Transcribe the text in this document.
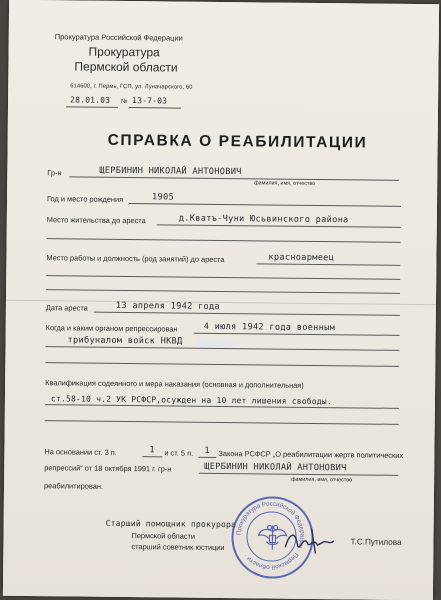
Прокуратура Российской Федерации
Прокуратура
Пермской области
614600, г. Пермь, ГСП, ул. Луначарского, 60
28.01.03 № 13-7-03
СПРАВКА О РЕАБИЛИТАЦИИ
Гр-н	ЩЕРБИНИН НИКОЛАЙ АНТОНОВИЧ
фамилия, имя, отчество
Год и место рождения	1905
Место жительства до ареста	д.Кватъ-Чуни Юсьвинского района
Место работы и должность (род занятий) до ареста	красноармеец
Дата ареста	13 апреля 1942 года
Когда и каким органом репрессирован	4 июля 1942 года военным
трибуналом войск НКВД
Квалификация содеянного и мера наказания (основная и дополнительная)
ст.58-10 ч.2 УК РСФСР,осужден на 10 лет лишения свободы.
На основании ст. 3 п.	1 и ст. 5 п. 1 Закона РСФСР „О реабилитации жертв политических
репрессий“ от 18 октября 1991 г. гр-н	ЩЕРБИНИН НИКОЛАЙ АНТОНОВИЧ
фамилия, имя, отчество
реабилитирован.
Старший помощник прокурора
Пермской области
старший советник юстиции
Прокуратура Российской Федерации · Пермской области ·
Т.С.Путилова
